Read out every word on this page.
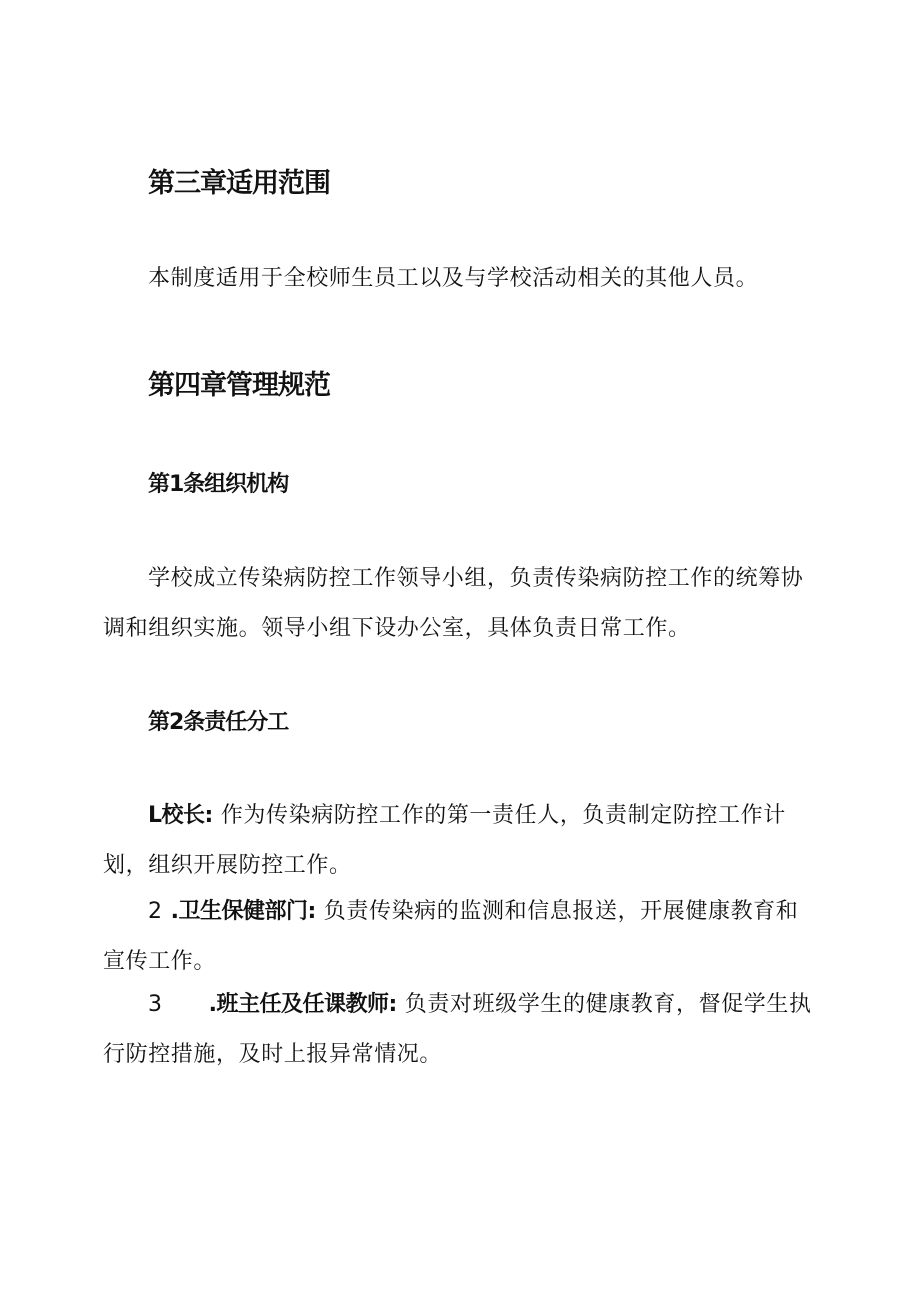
第三章适用范围

本制度适用于全校师生员工以及与学校活动相关的其他人员。

第四章管理规范
第1条组织机构

学校成立传染病防控工作领导小组，负责传染病防控工作的统筹协调和组织实施。领导小组下设办公室，具体负责日常工作。

第2条责任分工

L校长: 作为传染病防控工作的第一责任人，负责制定防控工作计划，组织开展防控工作。

2 .卫生保健部门: 负责传染病的监测和信息报送，开展健康教育和宣传工作。

3 .班主任及任课教师: 负责对班级学生的健康教育，督促学生执行防控措施，及时上报异常情况。
